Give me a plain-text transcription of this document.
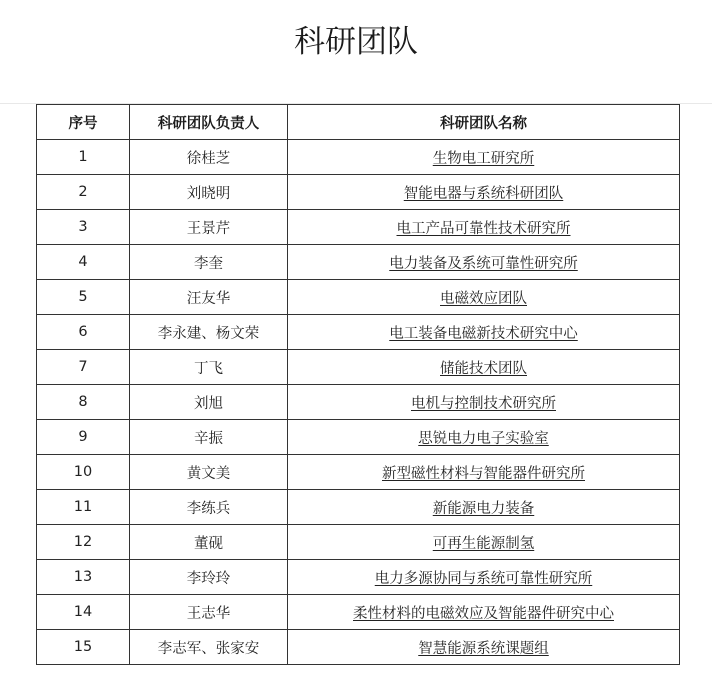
科研团队
序号	科研团队负责人	科研团队名称
1	徐桂芝	生物电工研究所
2	刘晓明	智能电器与系统科研团队
3	王景芹	电工产品可靠性技术研究所
4	李奎	电力装备及系统可靠性研究所
5	汪友华	电磁效应团队
6	李永建、杨文荣	电工装备电磁新技术研究中心
7	丁飞	储能技术团队
8	刘旭	电机与控制技术研究所
9	辛振	思锐电力电子实验室
10	黄文美	新型磁性材料与智能器件研究所
11	李练兵	新能源电力装备
12	董砚	可再生能源制氢
13	李玲玲	电力多源协同与系统可靠性研究所
14	王志华	柔性材料的电磁效应及智能器件研究中心
15	李志军、张家安	智慧能源系统课题组
